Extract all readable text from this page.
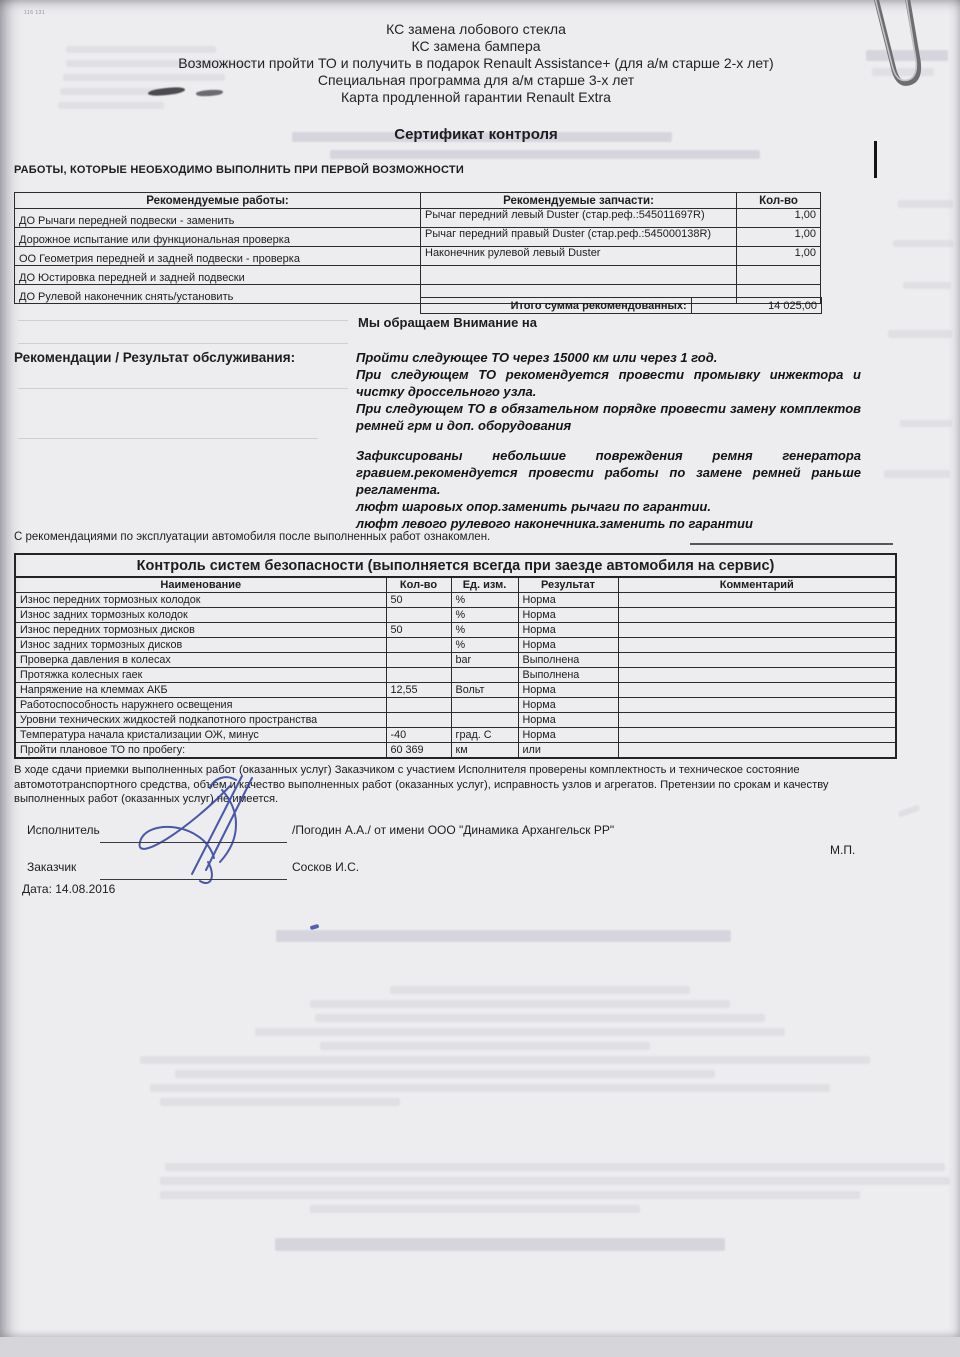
116 131
КС замена лобового стекла
КС замена бампера
Возможности пройти ТО и получить в подарок Renault Assistance+ (для а/м старше 2-х лет)
Специальная программа для а/м старше 3-х лет
Карта продленной гарантии Renault Extra
Сертификат контроля
РАБОТЫ, КОТОРЫЕ НЕОБХОДИМО ВЫПОЛНИТЬ ПРИ ПЕРВОЙ ВОЗМОЖНОСТИ
Рекомендуемые работы:	Рекомендуемые запчасти:	Кол-во
ДО Рычаги передней подвески - заменить	Рычаг передний левый Duster (стар.реф.:545011697R)	1,00
Дорожное испытание или функциональная проверка	Рычаг передний правый Duster (стар.реф.:545000138R)	1,00
ОО Геометрия передней и задней подвески - проверка	Наконечник рулевой левый Duster	1,00
ДО Юстировка передней и задней подвески		
ДО Рулевой наконечник снять/установить		
Итого сумма рекомендованных:	14 025,00
Мы обращаем Внимание на
Рекомендации / Результат обслуживания:	Пройти следующее ТО через 15000 км или через 1 год.
При следующем ТО рекомендуется провести промывку инжектора и чистку дроссельного узла.
При следующем ТО в обязательном порядке провести замену комплектов ремней грм и доп. оборудования
Зафиксированы небольшие повреждения ремня генератора гравием.рекомендуется провести работы по замене ремней раньше регламента.
люфт шаровых опор.заменить рычаги по гарантии.
люфт левого рулевого наконечника.заменить по гарантии
С рекомендациями по эксплуатации автомобиля после выполненных работ ознакомлен.
Контроль систем безопасности (выполняется всегда при заезде автомобиля на сервис)				
Наименование	Кол-во	Ед. изм.	Результат	Комментарий
Износ передних тормозных колодок	50	%	Норма	
Износ задних тормозных колодок		%	Норма	
Износ передних тормозных дисков	50	%	Норма	
Износ задних тормозных дисков		%	Норма	
Проверка давления в колесах		bar	Выполнена	
Протяжка колесных гаек			Выполнена	
Напряжение на клеммах АКБ	12,55	Вольт	Норма	
Работоспособность наружнего освещения			Норма	
Уровни технических жидкостей подкапотного пространства			Норма	
Температура начала кристализации ОЖ, минус	-40	град. С	Норма	
Пройти плановое ТО по пробегу:	60 369	км	или	
В ходе сдачи приемки выполненных работ (оказанных услуг) Заказчиком с участием Исполнителя проверены комплектность и техническое состояние автомототранспортного средства, объем и качество выполненных работ (оказанных услуг), исправность узлов и агрегатов. Претензии по срокам и качеству выполненных работ (оказанных услуг) не имеется.
Исполнитель	/Погодин А.А./ от имени ООО "Динамика Архангельск РР"
М.П.
Заказчик	Сосков И.С.
Дата: 14.08.2016
